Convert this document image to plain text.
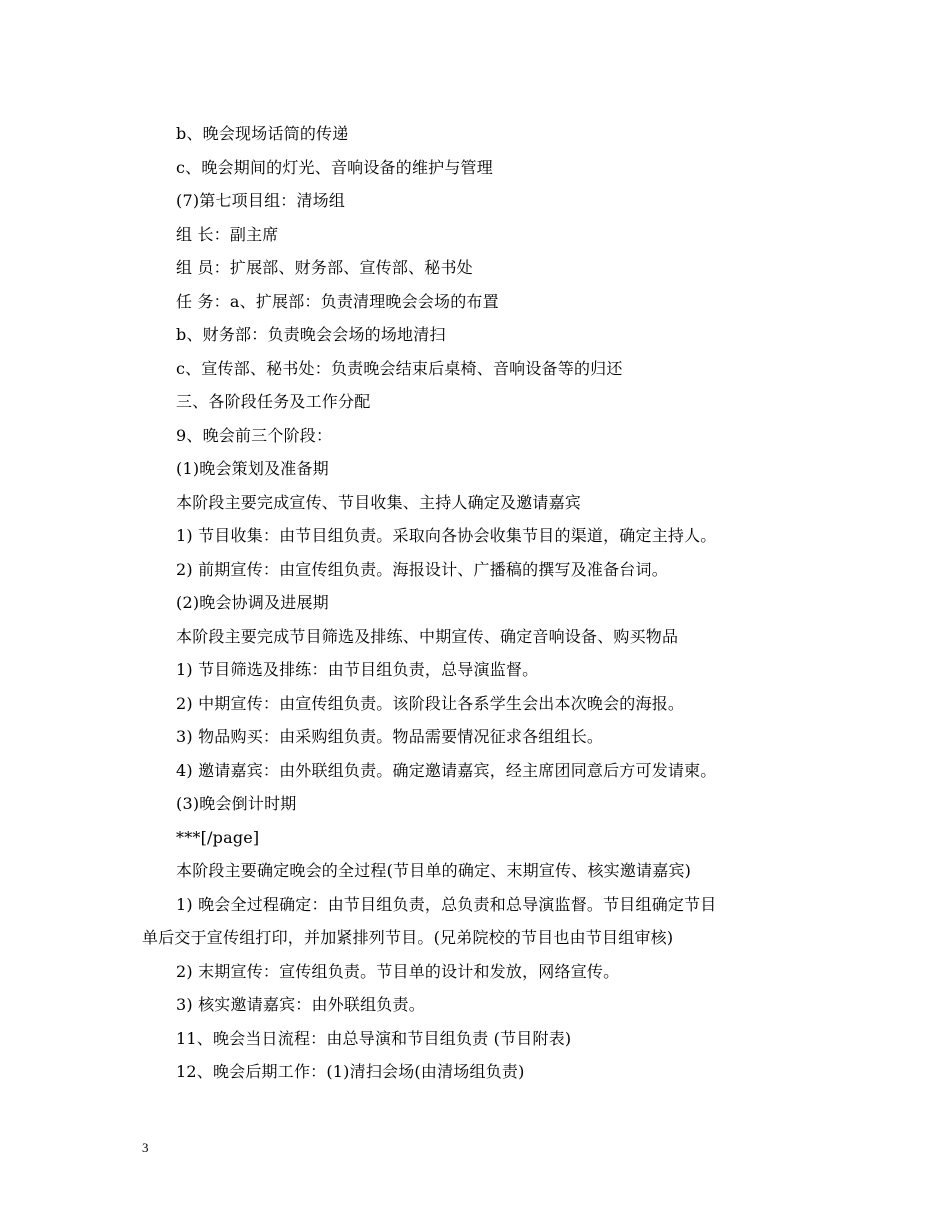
b、晚会现场话筒的传递
c、晚会期间的灯光、音响设备的维护与管理
(7)第七项目组：清场组
组 长：副主席
组 员：扩展部、财务部、宣传部、秘书处
任 务：a、扩展部：负责清理晚会会场的布置
b、财务部：负责晚会会场的场地清扫
c、宣传部、秘书处：负责晚会结束后桌椅、音响设备等的归还
三、各阶段任务及工作分配
9、晚会前三个阶段：
(1)晚会策划及准备期
本阶段主要完成宣传、节目收集、主持人确定及邀请嘉宾
1) 节目收集：由节目组负责。采取向各协会收集节目的渠道，确定主持人。
2) 前期宣传：由宣传组负责。海报设计、广播稿的撰写及准备台词。
(2)晚会协调及进展期
本阶段主要完成节目筛选及排练、中期宣传、确定音响设备、购买物品
1) 节目筛选及排练：由节目组负责，总导演监督。
2) 中期宣传：由宣传组负责。该阶段让各系学生会出本次晚会的海报。
3) 物品购买：由采购组负责。物品需要情况征求各组组长。
4) 邀请嘉宾：由外联组负责。确定邀请嘉宾，经主席团同意后方可发请柬。
(3)晚会倒计时期
***[/page]
本阶段主要确定晚会的全过程(节目单的确定、末期宣传、核实邀请嘉宾)
1) 晚会全过程确定：由节目组负责，总负责和总导演监督。节目组确定节目
单后交于宣传组打印，并加紧排列节目。(兄弟院校的节目也由节目组审核)
2) 末期宣传：宣传组负责。节目单的设计和发放，网络宣传。
3) 核实邀请嘉宾：由外联组负责。
11、晚会当日流程：由总导演和节目组负责 (节目附表)
12、晚会后期工作：(1)清扫会场(由清场组负责)
3
